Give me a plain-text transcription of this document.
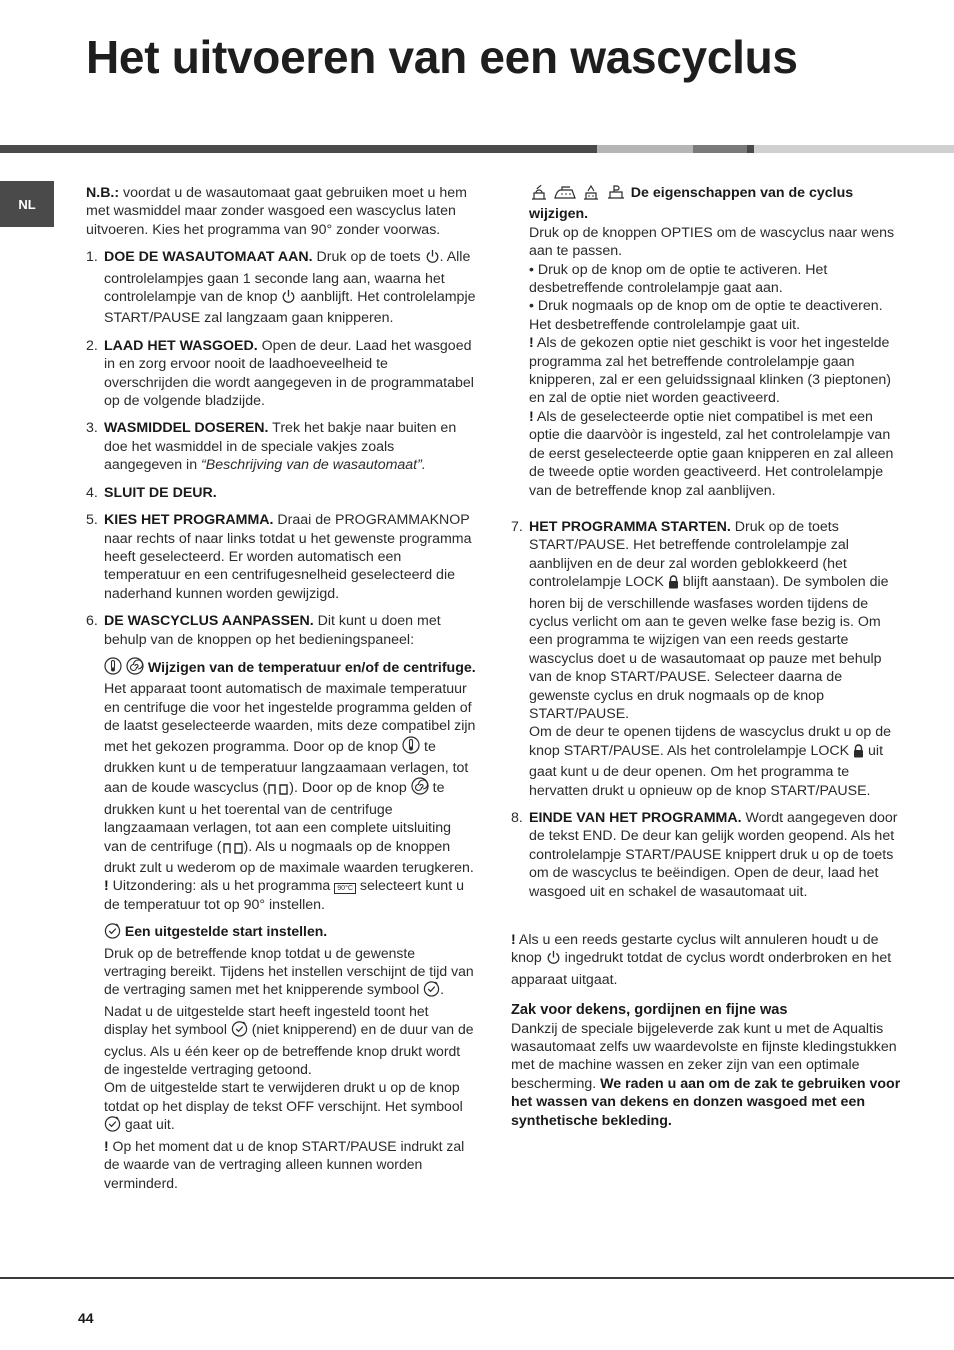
Het uitvoeren van een wascyclus
NL

N.B.: voordat u de wasautomaat gaat gebruiken moet u hem met wasmiddel maar zonder wasgoed een wascyclus laten uitvoeren. Kies het programma van 90° zonder voorwas.

1. DOE DE WASAUTOMAAT AAN. Druk op de toets . Alle controlelampjes gaan 1 seconde lang aan, waarna het controlelampje van de knop  aanblijft. Het controlelampje START/PAUSE zal langzaam gaan knipperen.
2. LAAD HET WASGOED. Open de deur. Laad het wasgoed in en zorg ervoor nooit de laadhoeveelheid te overschrijden die wordt aangegeven in de programmatabel op de volgende bladzijde.
3. WASMIDDEL DOSEREN. Trek het bakje naar buiten en doe het wasmiddel in de speciale vakjes zoals aangegeven in “Beschrijving van de wasautomaat”.
4. SLUIT DE DEUR.
5. KIES HET PROGRAMMA. Draai de PROGRAMMAKNOP naar rechts of naar links totdat u het gewenste programma heeft geselecteerd. Er worden automatisch een temperatuur en een centrifugesnelheid geselecteerd die naderhand kunnen worden gewijzigd.
6. DE WASCYCLUS AANPASSEN. Dit kunt u doen met behulp van de knoppen op het bedieningspaneel:

Wijzigen van de temperatuur en/of de centrifuge.

Het apparaat toont automatisch de maximale temperatuur en centrifuge die voor het ingestelde programma gelden of de laatst geselecteerde waarden, mits deze compatibel zijn met het gekozen programma. Door op de knop  te drukken kunt u de temperatuur langzaamaan verlagen, tot aan de koude wascyclus ( ). Door op de knop  te drukken kunt u het toerental van de centrifuge langzaamaan verlagen, tot aan een complete uitsluiting van de centrifuge ( ). Als u nogmaals op de knoppen drukt zult u wederom op de maximale waarden terugkeren.

! Uitzondering: als u het programma 90°C selecteert kunt u de temperatuur tot op 90° instellen.

Een uitgestelde start instellen.

Druk op de betreffende knop totdat u de gewenste vertraging bereikt. Tijdens het instellen verschijnt de tijd van de vertraging samen met het knipperende symbool .

Nadat u de uitgestelde start heeft ingesteld toont het display het symbool  (niet knipperend) en de duur van de cyclus. Als u één keer op de betreffende knop drukt wordt de ingestelde vertraging getoond.

Om de uitgestelde start te verwijderen drukt u op de knop totdat op het display de tekst OFF verschijnt. Het symbool  gaat uit.

! Op het moment dat u de knop START/PAUSE indrukt zal de waarde van de vertraging alleen kunnen worden verminderd.

De eigenschappen van de cyclus wijzigen.

Druk op de knoppen OPTIES om de wascyclus naar wens aan te passen.

• Druk op de knop om de optie te activeren. Het desbetreffende controlelampje gaat aan.

• Druk nogmaals op de knop om de optie te deactiveren. Het desbetreffende controlelampje gaat uit.

! Als de gekozen optie niet geschikt is voor het ingestelde programma zal het betreffende controlelampje gaan knipperen, zal er een geluidssignaal klinken (3 pieptonen) en zal de optie niet worden geactiveerd.

! Als de geselecteerde optie niet compatibel is met een optie die daarvòòr is ingesteld, zal het controlelampje van de eerst geselecteerde optie gaan knipperen en zal alleen de tweede optie worden geactiveerd. Het controlelampje van de betreffende knop zal aanblijven.

7. HET PROGRAMMA STARTEN. Druk op de toets START/PAUSE. Het betreffende controlelampje zal aanblijven en de deur zal worden geblokkeerd (het controlelampje LOCK  blijft aanstaan). De symbolen die horen bij de verschillende wasfases worden tijdens de cyclus verlicht om aan te geven welke fase bezig is. Om een programma te wijzigen van een reeds gestarte wascyclus doet u de wasautomaat op pauze met behulp van de knop START/PAUSE. Selecteer daarna de gewenste cyclus en druk nogmaals op de knop START/PAUSE.

Om de deur te openen tijdens de wascyclus drukt u op de knop START/PAUSE. Als het controlelampje LOCK  uit gaat kunt u de deur openen. Om het programma te hervatten drukt u opnieuw op de knop START/PAUSE.

8. EINDE VAN HET PROGRAMMA. Wordt aangegeven door de tekst END. De deur kan gelijk worden geopend. Als het controlelampje START/PAUSE knippert druk u op de toets om de wascyclus te beëindigen. Open de deur, laad het wasgoed uit en schakel de wasautomaat uit.

! Als u een reeds gestarte cyclus wilt annuleren houdt u de knop  ingedrukt totdat de cyclus wordt onderbroken en het apparaat uitgaat.

Zak voor dekens, gordijnen en fijne was

Dankzij de speciale bijgeleverde zak kunt u met de Aqualtis wasautomaat zelfs uw waardevolste en fijnste kledingstukken met de machine wassen en zeker zijn van een optimale bescherming. We raden u aan om de zak te gebruiken voor het wassen van dekens en donzen wasgoed met een synthetische bekleding.

44
